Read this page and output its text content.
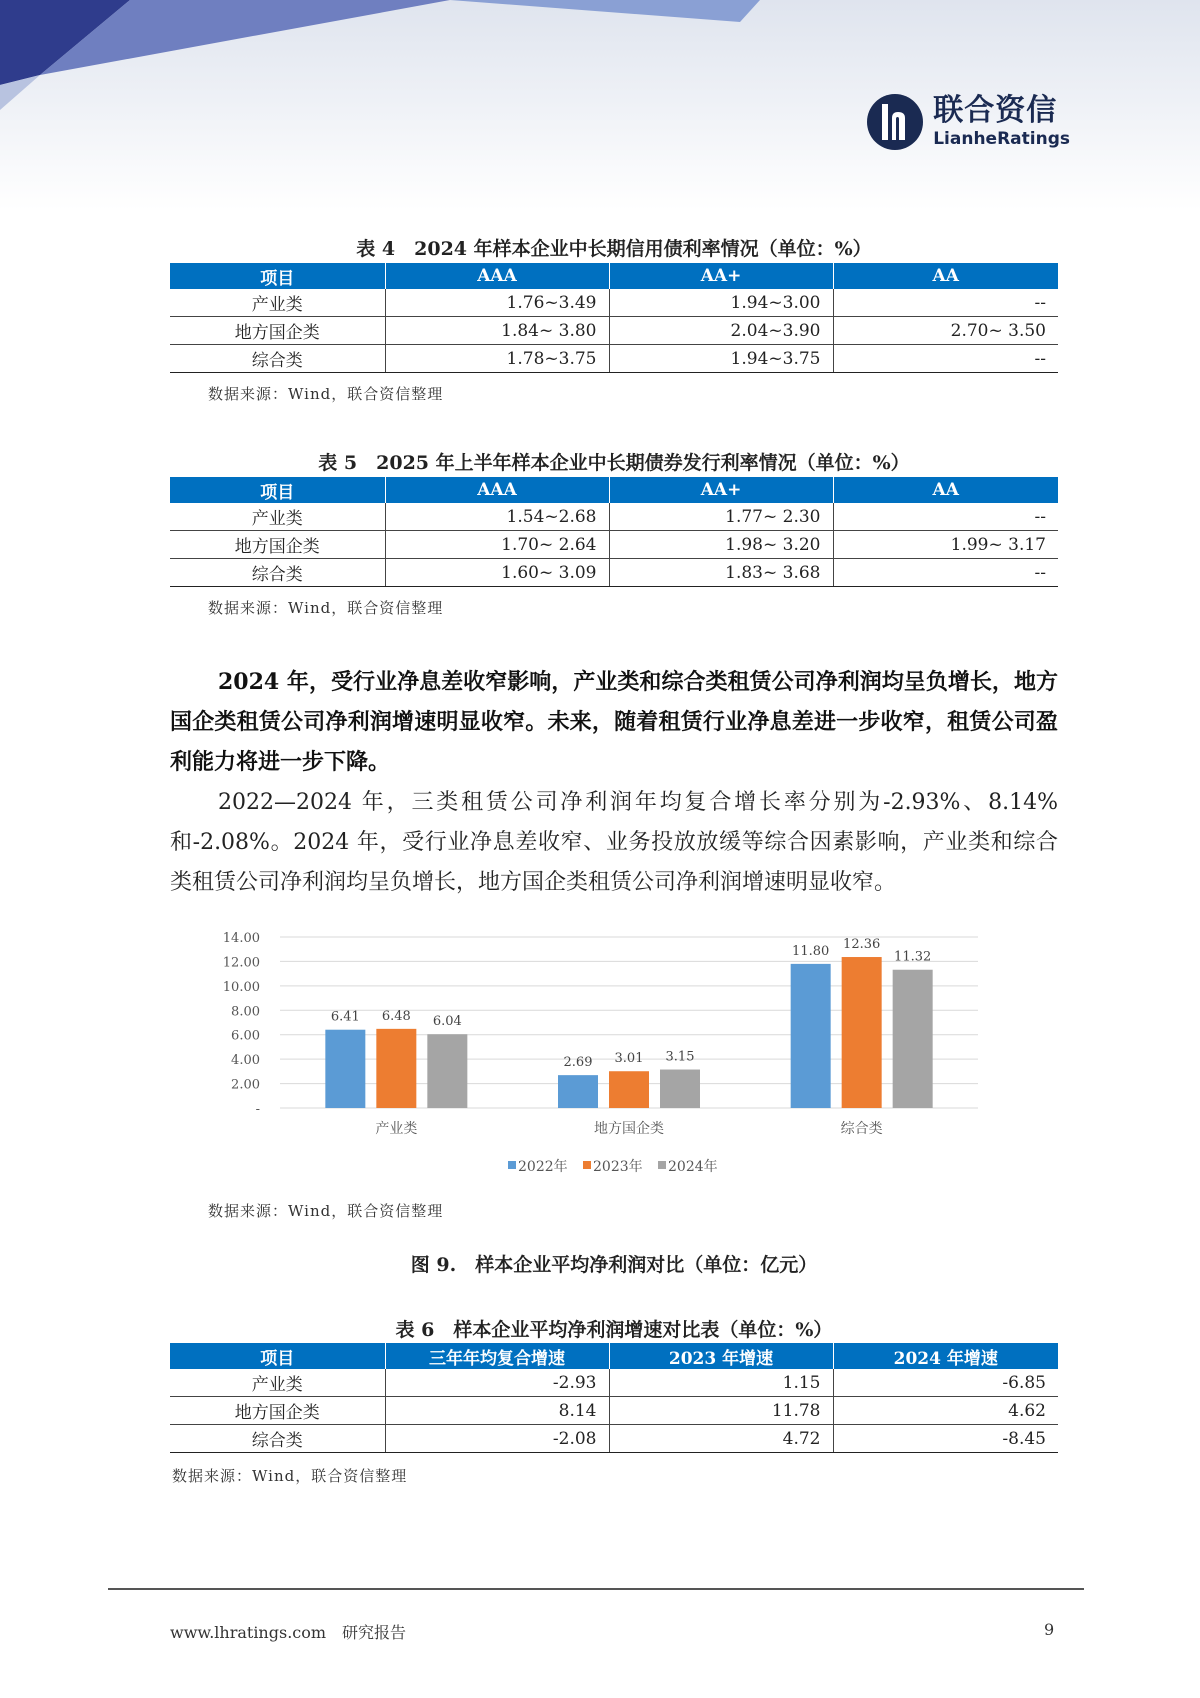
联合资信
LianheRatings
表 4　2024 年样本企业中长期信用债利率情况（单位：%）
项目	AAA	AA+	AA
产业类	1.76~3.49	1.94~3.00	--
地方国企类	1.84~ 3.80	2.04~3.90	2.70~ 3.50
综合类	1.78~3.75	1.94~3.75	--
数据来源：Wind，联合资信整理
表 5　2025 年上半年样本企业中长期债券发行利率情况（单位：%）
项目	AAA	AA+	AA
产业类	1.54~2.68	1.77~ 2.30	--
地方国企类	1.70~ 2.64	1.98~ 3.20	1.99~ 3.17
综合类	1.60~ 3.09	1.83~ 3.68	--
数据来源：Wind，联合资信整理
2024 年，受行业净息差收窄影响，产业类和综合类租赁公司净利润均呈负增长，地方国企类租赁公司净利润增速明显收窄。未来，随着租赁行业净息差进一步收窄，租赁公司盈利能力将进一步下降。
2022—2024 年，三类租赁公司净利润年均复合增长率分别为-2.93%、8.14%和-2.08%。2024 年，受行业净息差收窄、业务投放放缓等综合因素影响，产业类和综合类租赁公司净利润均呈负增长，地方国企类租赁公司净利润增速明显收窄。
-
2.00
4.00
6.00
8.00
10.00
12.00
14.00
6.41 6.48 6.04
产业类
2.69 3.01 3.15
地方国企类
11.80 12.36
11.32
综合类
2022年 2023年 2024年
数据来源：Wind，联合资信整理
图 9.　样本企业平均净利润对比（单位：亿元）
表 6　样本企业平均净利润增速对比表（单位：%）
项目	三年年均复合增速	2023 年增速	2024 年增速
产业类	-2.93	1.15	-6.85
地方国企类	8.14	11.78	4.62
综合类	-2.08	4.72	-8.45
数据来源：Wind，联合资信整理
www.lhratings.com　研究报告	9
